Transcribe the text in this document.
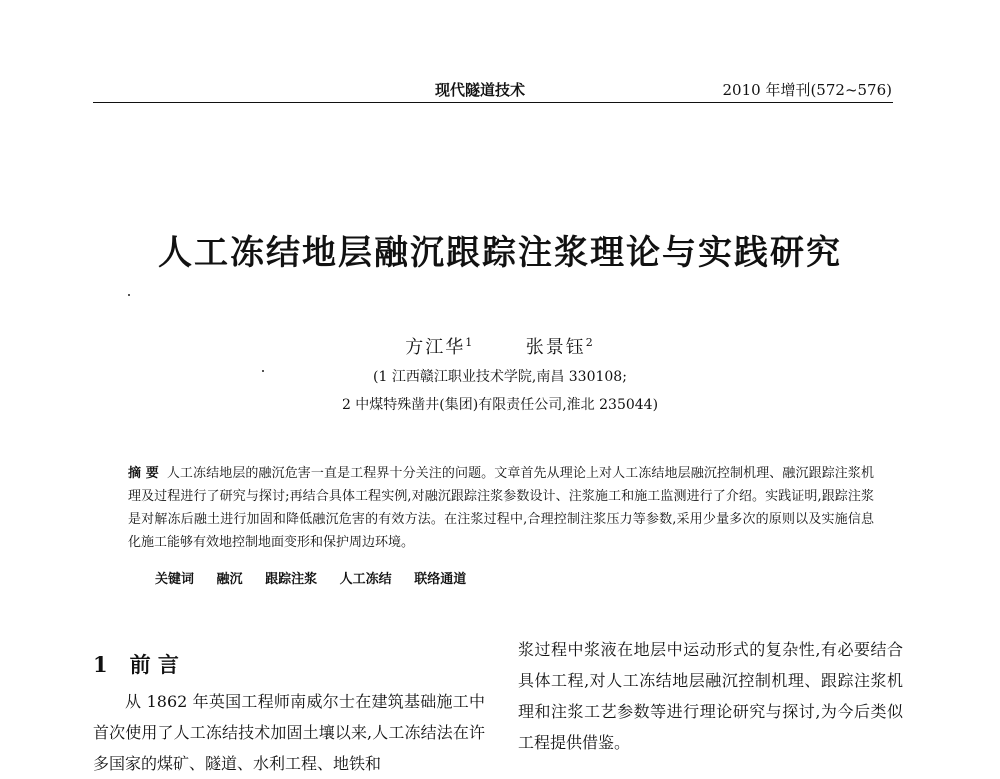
现代隧道技术	2010 年增刊(572~576)
人工冻结地层融沉跟踪注浆理论与实践研究
方江华$^1$	张景钰$^2$
(1 江西赣江职业技术学院,南昌 330108;
2 中煤特殊凿井(集团)有限责任公司,淮北 235044)
摘 要 人工冻结地层的融沉危害一直是工程界十分关注的问题。文章首先从理论上对人工冻结地层融沉控制机理、融沉跟踪注浆机理及过程进行了研究与探讨;再结合具体工程实例,对融沉跟踪注浆参数设计、注浆施工和施工监测进行了介绍。实践证明,跟踪注浆是对解冻后融土进行加固和降低融沉危害的有效方法。在注浆过程中,合理控制注浆压力等参数,采用少量多次的原则以及实施信息化施工能够有效地控制地面变形和保护周边环境。
关键词 融沉 跟踪注浆 人工冻结 联络通道
1 前 言
从 1862 年英国工程师南威尔士在建筑基础施工中首次使用了人工冻结技术加固土壤以来,人工冻结法在许多国家的煤矿、隧道、水利工程、地铁和
浆过程中浆液在地层中运动形式的复杂性,有必要结合具体工程,对人工冻结地层融沉控制机理、跟踪注浆机理和注浆工艺参数等进行理论研究与探讨,为今后类似工程提供借鉴。
